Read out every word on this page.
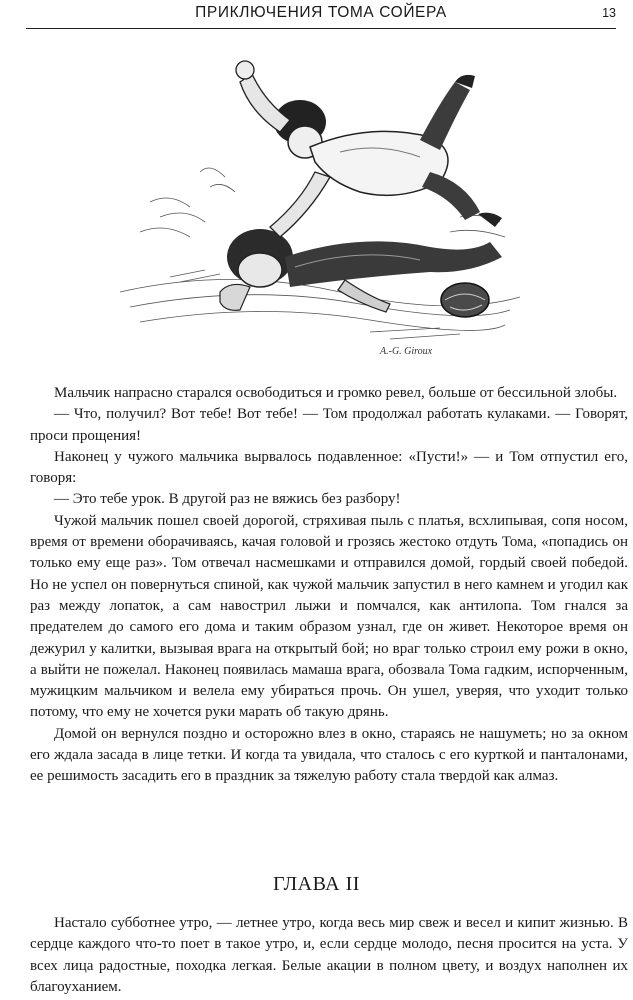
ПРИКЛЮЧЕНИЯ ТОМА СОЙЕРА	13
A.-G. Giroux

Мальчик напрасно старался освободиться и громко ревел, больше от бессильной злобы.

— Что, получил? Вот тебе! Вот тебе! — Том продолжал работать кулаками. — Говорят, проси прощения!

Наконец у чужого мальчика вырвалось подавленное: «Пусти!» — и Том отпустил его, говоря:

— Это тебе урок. В другой раз не вяжись без разбору!

Чужой мальчик пошел своей дорогой, стряхивая пыль с платья, всхлипывая, сопя носом, время от времени оборачиваясь, качая головой и грозясь жестоко отдуть Тома, «попадись он только ему еще раз». Том отвечал насмешками и отправился домой, гордый своей победой. Но не успел он повернуться спиной, как чужой мальчик запустил в него камнем и угодил как раз между лопаток, а сам навострил лыжи и помчался, как антилопа. Том гнался за предателем до самого его дома и таким образом узнал, где он живет. Некоторое время он дежурил у калитки, вызывая врага на открытый бой; но враг только строил ему рожи в окно, а выйти не пожелал. Наконец появилась мамаша врага, обозвала Тома гадким, испорченным, мужицким мальчиком и велела ему убираться прочь. Он ушел, уверяя, что уходит только потому, что ему не хочется руки марать об такую дрянь.

Домой он вернулся поздно и осторожно влез в окно, стараясь не нашуметь; но за окном его ждала засада в лице тетки. И когда та увидала, что сталось с его курткой и панталонами, ее решимость засадить его в праздник за тяжелую работу стала твердой как алмаз.

ГЛАВА II

Настало субботнее утро, — летнее утро, когда весь мир свеж и весел и кипит жизнью. В сердце каждого что-то поет в такое утро, и, если сердце молодо, песня просится на уста. У всех лица радостные, походка легкая. Белые акации в полном цвету, и воздух наполнен их благоуханием.
